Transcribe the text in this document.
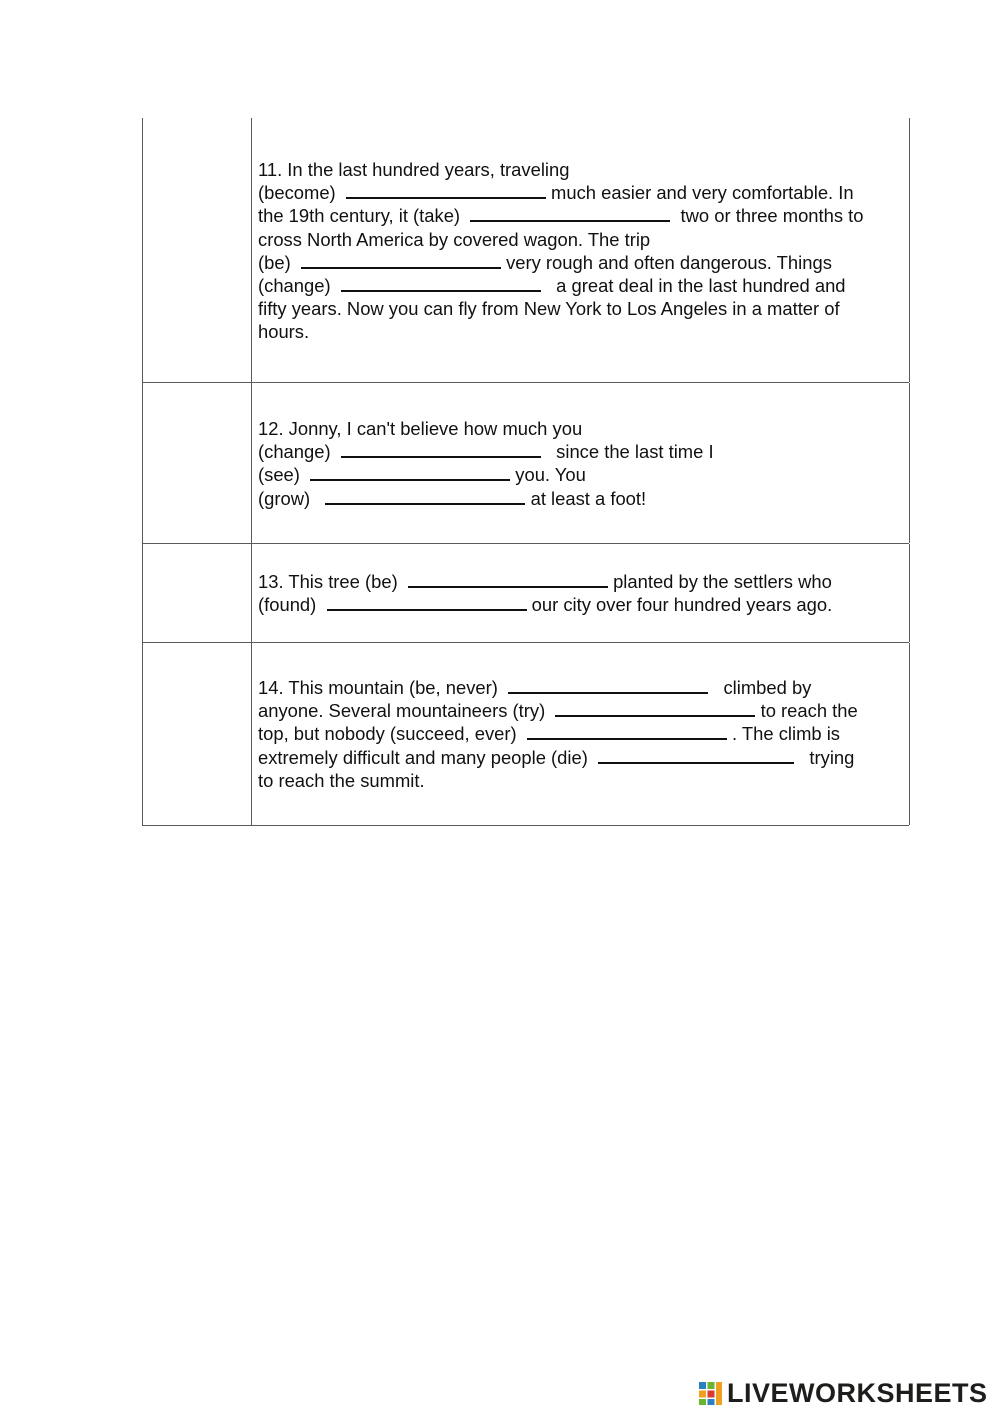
11. In the last hundred years, traveling
(become)	much easier and very comfortable. In
the 19th century, it (take)	two or three months to
cross North America by covered wagon. The trip
(be)	very rough and often dangerous. Things
(change)	a great deal in the last hundred and
fifty years. Now you can fly from New York to Los Angeles in a matter of
hours.
12. Jonny, I can't believe how much you
(change)	since the last time I
(see)	you. You
(grow)	at least a foot!
13. This tree (be)	planted by the settlers who
(found)	our city over four hundred years ago.
14. This mountain (be, never)	climbed by
anyone. Several mountaineers (try)	to reach the
top, but nobody (succeed, ever)	. The climb is
extremely difficult and many people (die)	trying
to reach the summit.
LIVEWORKSHEETS
